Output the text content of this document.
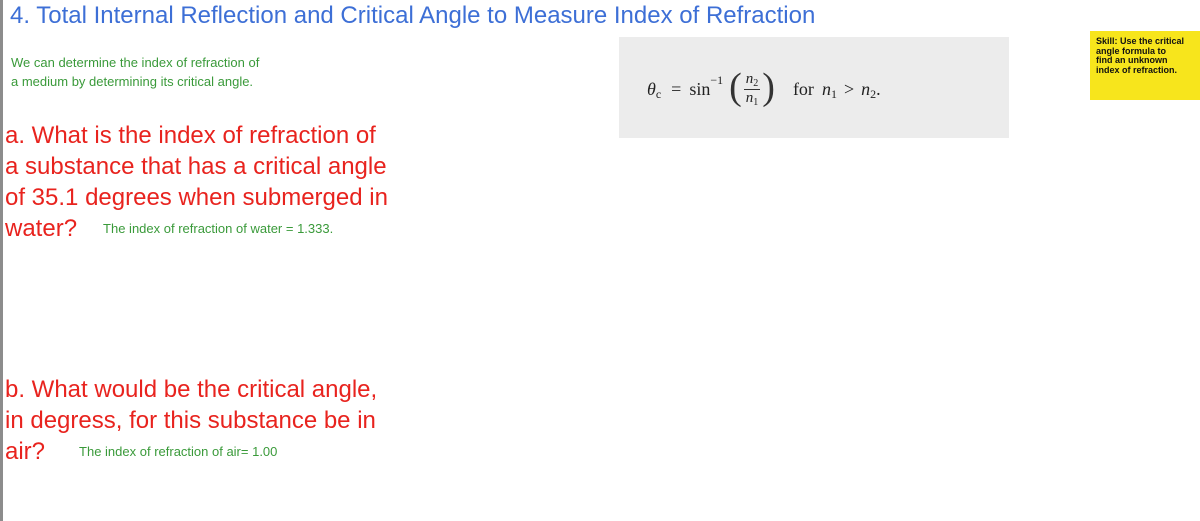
4. Total Internal Reflection and Critical Angle to Measure Index of Refraction
We can determine the index of refraction of
a medium by determining its critical angle.	θ c = sin −1 ( $\frac{n_2}{n_1}$ ) for n 1 > n 2 .
Skill: Use the critical
angle formula to
find an unknown
index of refraction.
a. What is the index of refraction of
a substance that has a critical angle
of 35.1 degrees when submerged in
water? The index of refraction of water = 1.333.
b. What would be the critical angle,
in degress, for this substance be in
air?	The index of refraction of air= 1.00
